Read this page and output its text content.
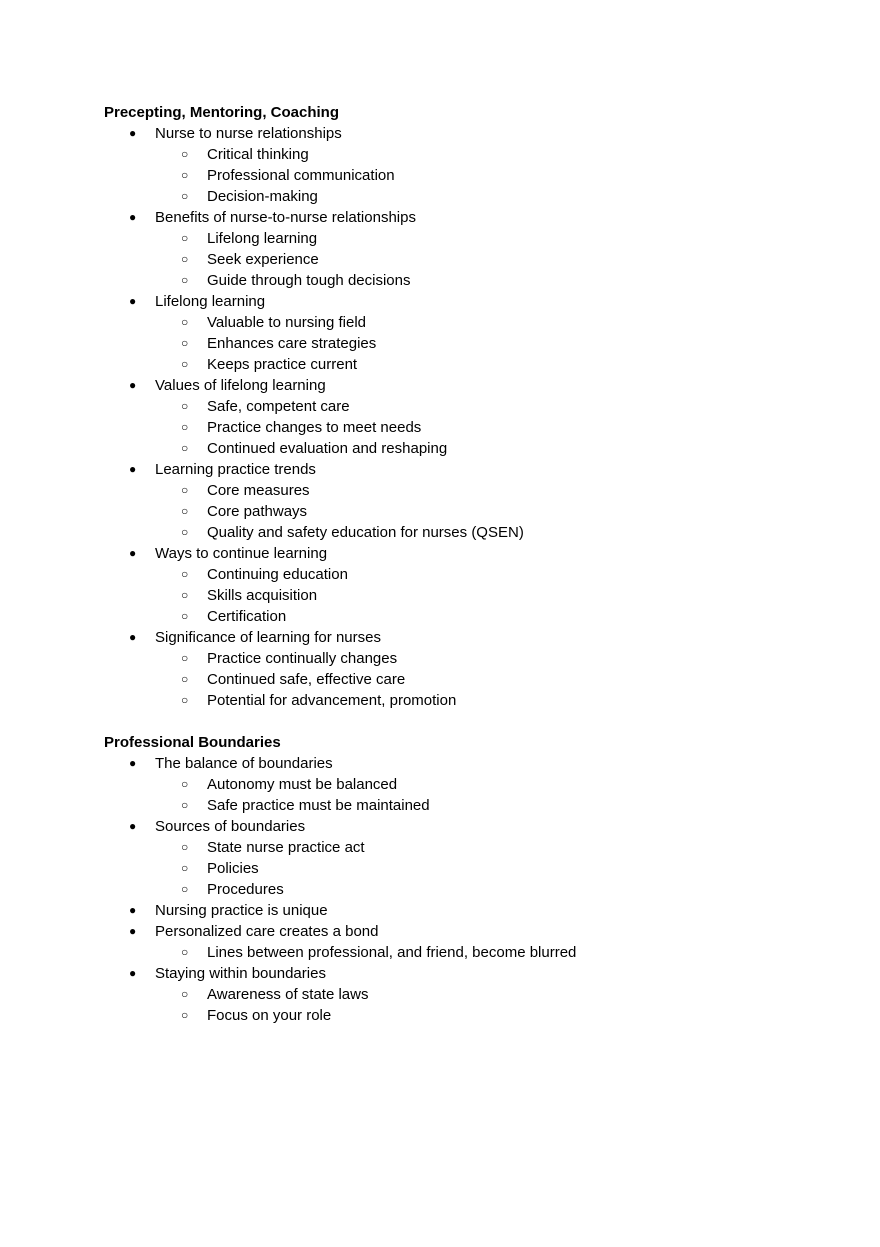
Precepting, Mentoring, Coaching
● Nurse to nurse relationships
○ Critical thinking
○ Professional communication
○ Decision-making
● Benefits of nurse-to-nurse relationships
○ Lifelong learning
○ Seek experience
○ Guide through tough decisions
● Lifelong learning
○ Valuable to nursing field
○ Enhances care strategies
○ Keeps practice current
● Values of lifelong learning
○ Safe, competent care
○ Practice changes to meet needs
○ Continued evaluation and reshaping
● Learning practice trends
○ Core measures
○ Core pathways
○ Quality and safety education for nurses (QSEN)
● Ways to continue learning
○ Continuing education
○ Skills acquisition
○ Certification
● Significance of learning for nurses
○ Practice continually changes
○ Continued safe, effective care
○ Potential for advancement, promotion
Professional Boundaries
● The balance of boundaries
○ Autonomy must be balanced
○ Safe practice must be maintained
● Sources of boundaries
○ State nurse practice act
○ Policies
○ Procedures
● Nursing practice is unique
● Personalized care creates a bond
○ Lines between professional, and friend, become blurred
● Staying within boundaries
○ Awareness of state laws
○ Focus on your role
